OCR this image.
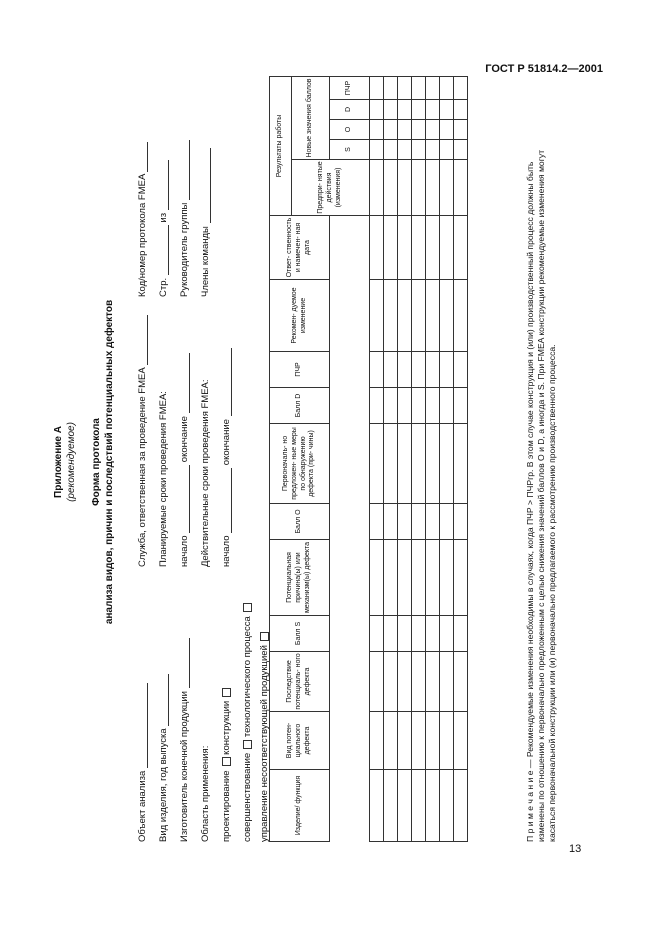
ГОСТ Р 51814.2—2001
Приложение А (рекомендуемое) Форма протокола анализа видов, причин и последствий потенциальных дефектов
Объект анализа Вид изделия, год выпуска Изготовитель конечной продукции Область применения: проектирование конструкции
совершенствование технологического процесса управление несоответствующей продукцией
Служба, ответственная за проведение FMEA Планируемые сроки проведения FMEA: начало  окончание Действительные сроки проведения FMEA: начало  окончание
Код/номер протокола FMEA Стр.  из Руководитель группы Члены команды
Изделие/ функция	Вид потен- циального дефекта	Последствие потенциаль- ного дефекта	Балл S	Потенциальная причина(ы) или механизм(ы) дефекта	Балл O	Первоначаль- но предложен- ные меры по обнаружению дефекта (при- чины)	Балл D	ПЧР	Рекомен- дуемое изменение	Ответ- ственность и намечен- ная дата	Результаты работы				
											Предпри- нятые действия (изменения)	Новые значения баллов			
												S	O	D	ПЧР

П р и м е ч а н и е — Рекомендуемые изменения необходимы в случаях, когда ПЧР > ПЧРгр. В этом случае конструкция и (или) производственный процесс должны быть изменены по отношению к первоначально предложенным с целью снижения значений баллов O и D, а иногда и S. При FMEA конструкции рекомендуемые изменения могут касаться первоначальной конструкции или (и) первоначально предлагаемого к рассмотрению производственного процесса.
13
